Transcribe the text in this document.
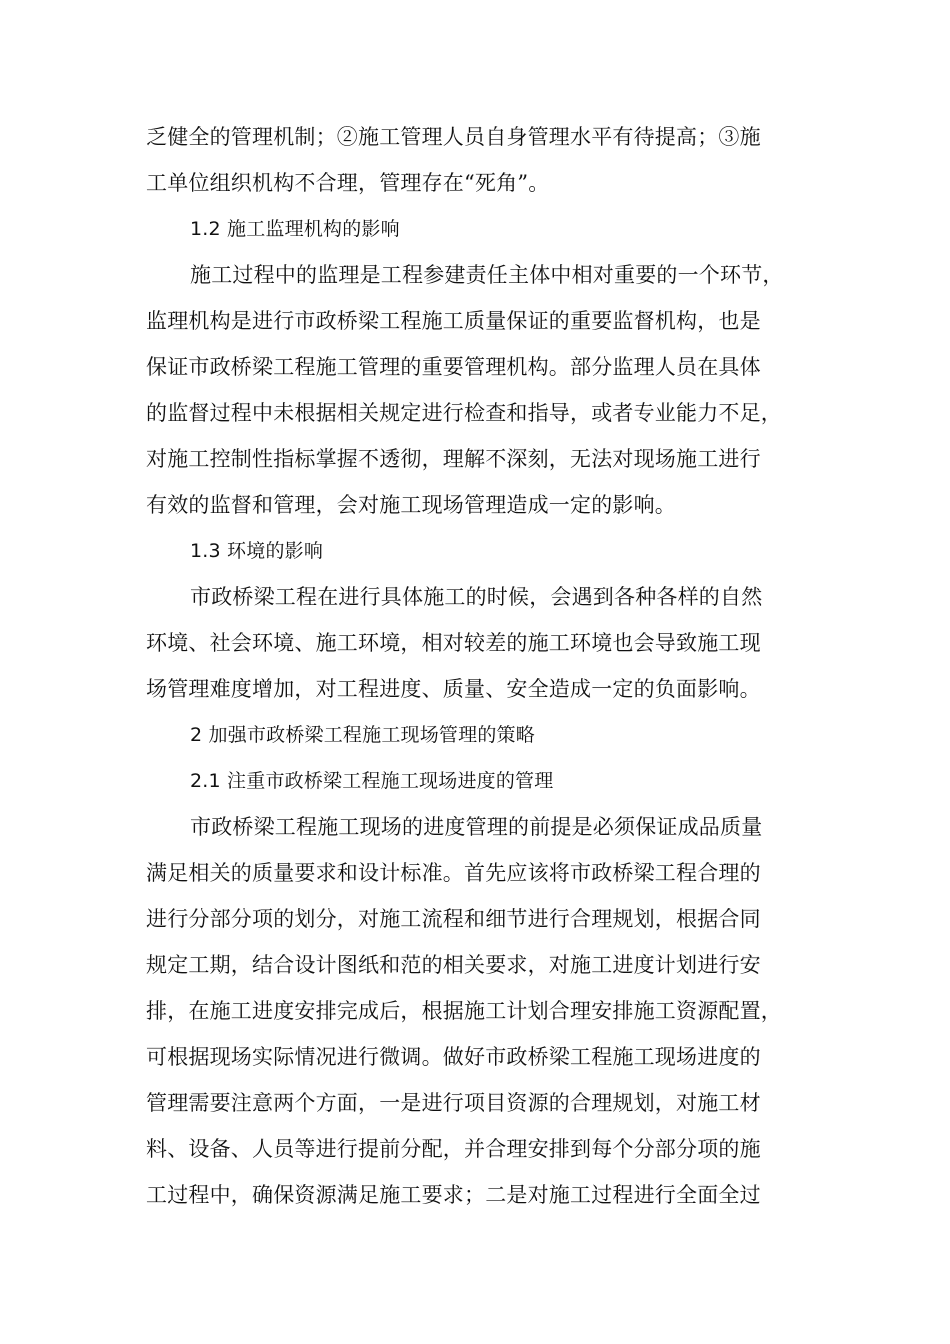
乏健全的管理机制；②施工管理人员自身管理水平有待提高；③施
工单位组织机构不合理，管理存在“死角”。
1.2 施工监理机构的影响
施工过程中的监理是工程参建责任主体中相对重要的一个环节，
监理机构是进行市政桥梁工程施工质量保证的重要监督机构，也是
保证市政桥梁工程施工管理的重要管理机构。部分监理人员在具体
的监督过程中未根据相关规定进行检查和指导，或者专业能力不足，
对施工控制性指标掌握不透彻，理解不深刻，无法对现场施工进行
有效的监督和管理，会对施工现场管理造成一定的影响。
1.3 环境的影响
市政桥梁工程在进行具体施工的时候，会遇到各种各样的自然
环境、社会环境、施工环境，相对较差的施工环境也会导致施工现
场管理难度增加，对工程进度、质量、安全造成一定的负面影响。
2 加强市政桥梁工程施工现场管理的策略
2.1 注重市政桥梁工程施工现场进度的管理
市政桥梁工程施工现场的进度管理的前提是必须保证成品质量
满足相关的质量要求和设计标准。首先应该将市政桥梁工程合理的
进行分部分项的划分，对施工流程和细节进行合理规划，根据合同
规定工期，结合设计图纸和范的相关要求，对施工进度计划进行安
排，在施工进度安排完成后，根据施工计划合理安排施工资源配置，
可根据现场实际情况进行微调。做好市政桥梁工程施工现场进度的
管理需要注意两个方面，一是进行项目资源的合理规划，对施工材
料、设备、人员等进行提前分配，并合理安排到每个分部分项的施
工过程中，确保资源满足施工要求；二是对施工过程进行全面全过
